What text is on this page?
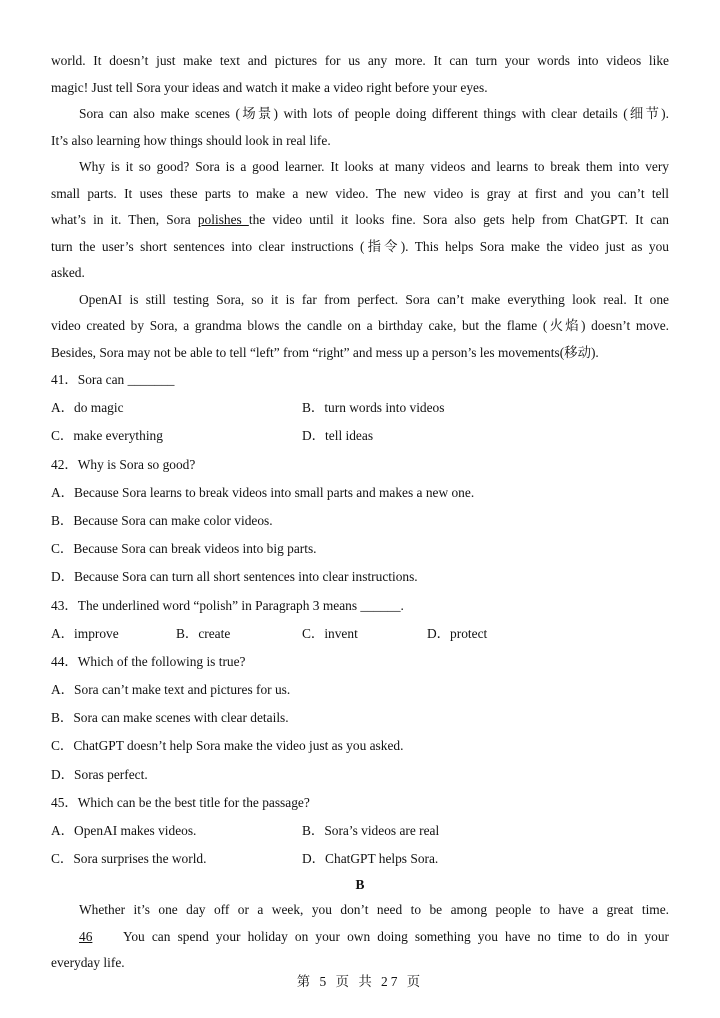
world. It doesn’t just make text and pictures for us any more. It can turn your words into videos like
magic! Just tell Sora your ideas and watch it make a video right before your eyes.

Sora can also make scenes (场景) with lots of people doing different things with clear details (细节).
It’s also learning how things should look in real life.

Why is it so good? Sora is a good learner. It looks at many videos and learns to break them into very
small parts. It uses these parts to make a new video. The new video is gray at first and you can’t tell
what’s in it. Then, Sora polishes the video until it looks fine. Sora also gets help from ChatGPT. It can
turn the user’s short sentences into clear instructions (指令). This helps Sora make the video just as you
asked.

OpenAI is still testing Sora, so it is far from perfect. Sora can’t make everything look real. It one
video created by Sora, a grandma blows the candle on a birthday cake, but the flame (火焰) doesn’t move.
Besides, Sora may not be able to tell “left” from “right” and mess up a person’s les movements(移动).

41．Sora can _______
A．do magic	B．turn words into videos
C．make everything	D．tell ideas
42．Why is Sora so good?
A．Because Sora learns to break videos into small parts and makes a new one.
B．Because Sora can make color videos.
C．Because Sora can break videos into big parts.
D．Because Sora can turn all short sentences into clear instructions.
43．The underlined word “polish” in Paragraph 3 means ______.
A．improve	B．create	C．invent	D．protect
44．Which of the following is true?
A．Sora can’t make text and pictures for us.
B．Sora can make scenes with clear details.
C．ChatGPT doesn’t help Sora make the video just as you asked.
D．Soras perfect.
45．Which can be the best title for the passage?
A．OpenAI makes videos.	B．Sora’s videos are real
C．Sora surprises the world.	D．ChatGPT helps Sora.
B

Whether it’s one day off or a week, you don’t need to be among people to have a great time.
46 You can spend your holiday on your own doing something you have no time to do in your
everyday life.

第 5 页 共 27 页
